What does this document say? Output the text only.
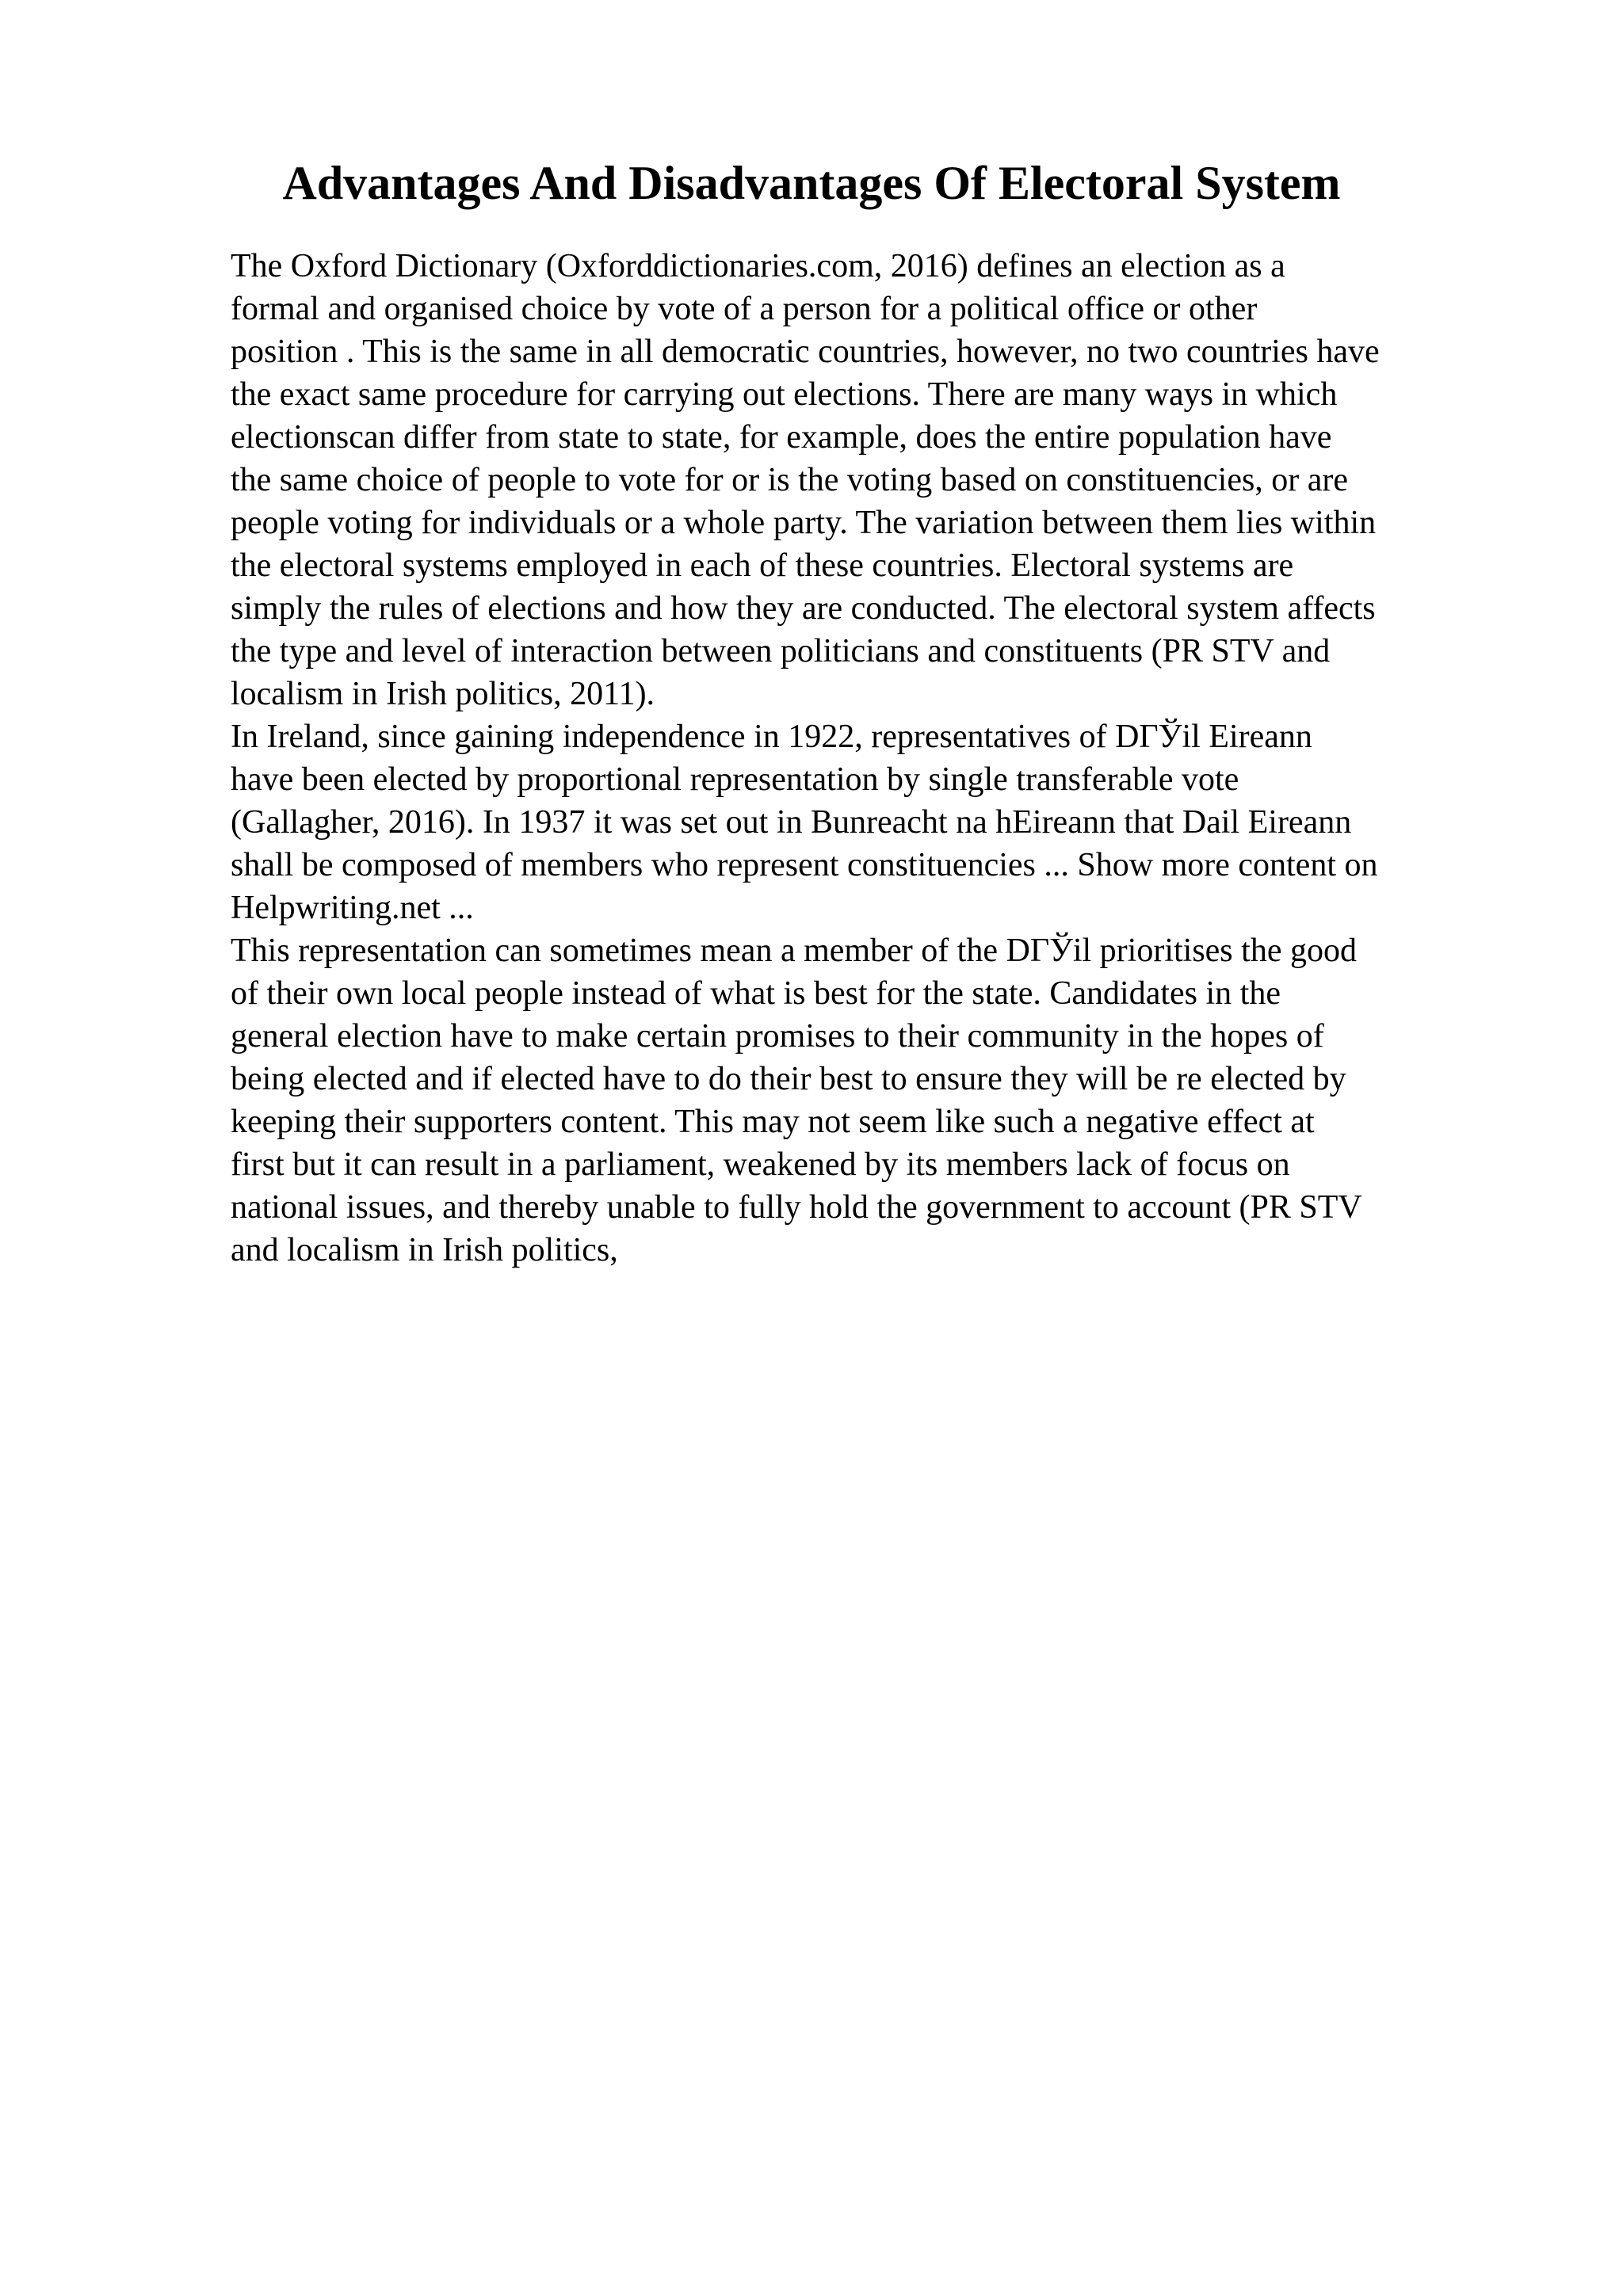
Advantages And Disadvantages Of Electoral System
The Oxford Dictionary (Oxforddictionaries.com, 2016) defines an election as a
formal and organised choice by vote of a person for a political office or other
position . This is the same in all democratic countries, however, no two countries have
the exact same procedure for carrying out elections. There are many ways in which
electionscan differ from state to state, for example, does the entire population have
the same choice of people to vote for or is the voting based on constituencies, or are
people voting for individuals or a whole party. The variation between them lies within
the electoral systems employed in each of these countries. Electoral systems are
simply the rules of elections and how they are conducted. The electoral system affects
the type and level of interaction between politicians and constituents (PR STV and
localism in Irish politics, 2011).
In Ireland, since gaining independence in 1922, representatives of DΓЎil Eireann
have been elected by proportional representation by single transferable vote
(Gallagher, 2016). In 1937 it was set out in Bunreacht na hEireann that Dail Eireann
shall be composed of members who represent constituencies ... Show more content on
Helpwriting.net ...
This representation can sometimes mean a member of the DΓЎil prioritises the good
of their own local people instead of what is best for the state. Candidates in the
general election have to make certain promises to their community in the hopes of
being elected and if elected have to do their best to ensure they will be re elected by
keeping their supporters content. This may not seem like such a negative effect at
first but it can result in a parliament, weakened by its members lack of focus on
national issues, and thereby unable to fully hold the government to account (PR STV
and localism in Irish politics,
